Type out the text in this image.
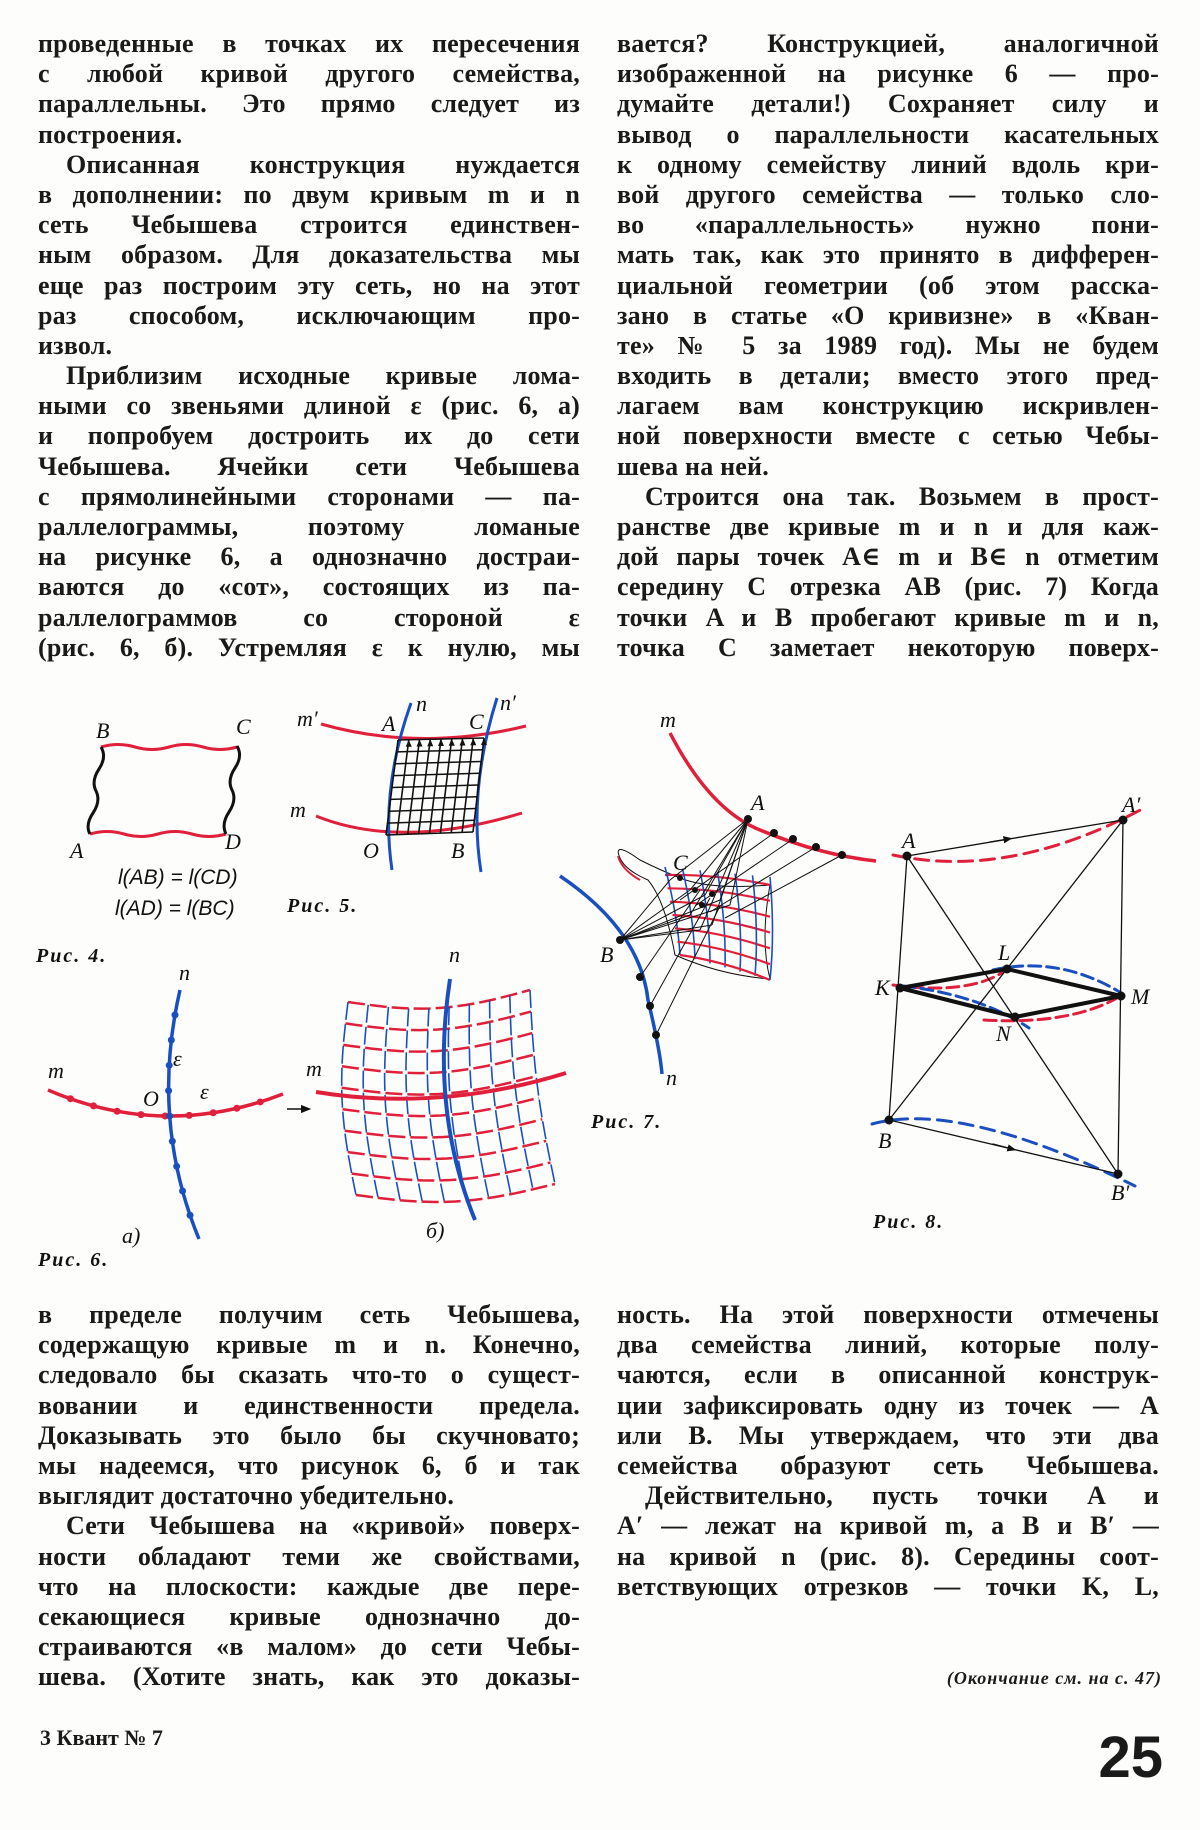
проведенные в точках их пересечения
с любой кривой другого семейства,
параллельны. Это прямо следует из
построения.
Описанная конструкция нуждается
в дополнении: по двум кривым m и n
сеть Чебышева строится единствен-
ным образом. Для доказательства мы
еще раз построим эту сеть, но на этот
раз способом, исключающим про-
извол.
Приблизим исходные кривые лома-
ными со звеньями длиной ε (рис. 6, а)
и попробуем достроить их до сети
Чебышева. Ячейки сети Чебышева
с прямолинейными сторонами — па-
раллелограммы, поэтому ломаные
на рисунке 6, а однозначно достраи-
ваются до «сот», состоящих из па-
раллелограммов со стороной ε
(рис. 6, б). Устремляя ε к нулю, мы
вается? Конструкцией, аналогичной
изображенной на рисунке 6 — про-
думайте детали!) Сохраняет силу и
вывод о параллельности касательных
к одному семейству линий вдоль кри-
вой другого семейства — только сло-
во «параллельность» нужно пони-
мать так, как это принято в дифферен-
циальной геометрии (об этом расска-
зано в статье «О кривизне» в «Кван-
те» № 5 за 1989 год). Мы не будем
входить в детали; вместо этого пред-
лагаем вам конструкцию искривлен-
ной поверхности вместе с сетью Чебы-
шева на ней.
Строится она так. Возьмем в прост-
ранстве две кривые m и n и для каж-
дой пары точек A∈ m и B∈ n отметим
середину C отрезка AB (рис. 7) Когда
точки A и B пробегают кривые m и n,
точка C заметает некоторую поверх-
в пределе получим сеть Чебышева,
содержащую кривые m и n. Конечно,
следовало бы сказать что-то о сущест-
вовании и единственности предела.
Доказывать это было бы скучновато;
мы надеемся, что рисунок 6, б и так
выглядит достаточно убедительно.
Сети Чебышева на «кривой» поверх-
ности обладают теми же свойствами,
что на плоскости: каждые две пере-
секающиеся кривые однозначно до-
страиваются «в малом» до сети Чебы-
шева. (Хотите знать, как это доказы-
ность. На этой поверхности отмечены
два семейства линий, которые полу-
чаются, если в описанной конструк-
ции зафиксировать одну из точек — A
или B. Мы утверждаем, что эти два
семейства образуют сеть Чебышева.
Действительно, пусть точки A и
A′ — лежат на кривой m, а B и B′ —
на кривой n (рис. 8). Середины соот-
ветствующих отрезков — точки K, L,
B	C
A	D
l(AB) = l(CD)
l(AD) = l(BC)
Рис. 4.
m′	A
n
C
n′
m
O	B
Рис. 5.
n
m
O
ε
ε
а)
n
m
б)
Рис. 6.
m
A
C
B
n
Рис. 7.
A
A′
L
K	M
N
B
B′
Рис. 8.
(Окончание см. на с. 47)
3 Квант № 7	25
